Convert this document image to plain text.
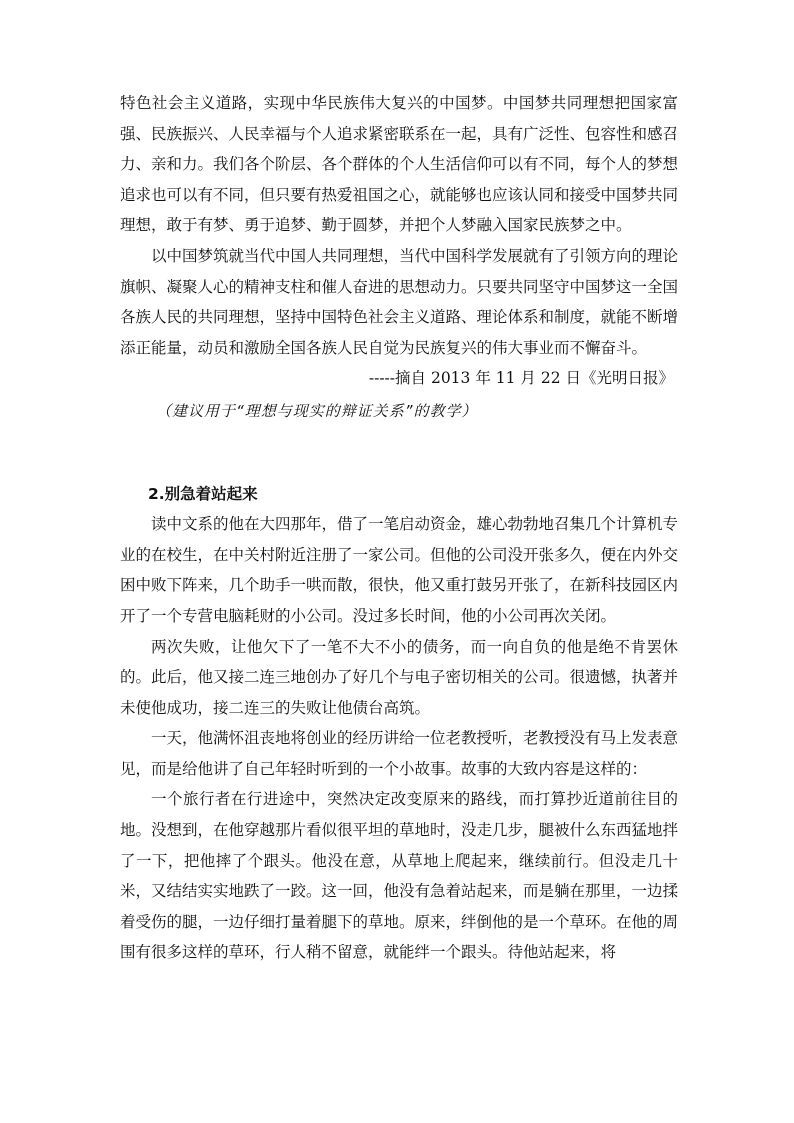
特色社会主义道路，实现中华民族伟大复兴的中国梦。中国梦共同理想把国家富强、民族振兴、人民幸福与个人追求紧密联系在一起，具有广泛性、包容性和感召力、亲和力。我们各个阶层、各个群体的个人生活信仰可以有不同，每个人的梦想追求也可以有不同，但只要有热爱祖国之心，就能够也应该认同和接受中国梦共同理想，敢于有梦、勇于追梦、勤于圆梦，并把个人梦融入国家民族梦之中。

以中国梦筑就当代中国人共同理想，当代中国科学发展就有了引领方向的理论旗帜、凝聚人心的精神支柱和催人奋进的思想动力。只要共同坚守中国梦这一全国各族人民的共同理想，坚持中国特色社会主义道路、理论体系和制度，就能不断增添正能量，动员和激励全国各族人民自觉为民族复兴的伟大事业而不懈奋斗。

-----摘自 2013 年 11 月 22 日《光明日报》

（建议用于“理想与现实的辩证关系”的教学）

2.别急着站起来

读中文系的他在大四那年，借了一笔启动资金，雄心勃勃地召集几个计算机专业的在校生，在中关村附近注册了一家公司。但他的公司没开张多久，便在内外交困中败下阵来，几个助手一哄而散，很快，他又重打鼓另开张了，在新科技园区内开了一个专营电脑耗财的小公司。没过多长时间，他的小公司再次关闭。

两次失败，让他欠下了一笔不大不小的债务，而一向自负的他是绝不肯罢休的。此后，他又接二连三地创办了好几个与电子密切相关的公司。很遗憾，执著并未使他成功，接二连三的失败让他债台高筑。

一天，他满怀沮丧地将创业的经历讲给一位老教授听，老教授没有马上发表意见，而是给他讲了自己年轻时听到的一个小故事。故事的大致内容是这样的：

一个旅行者在行进途中，突然决定改变原来的路线，而打算抄近道前往目的地。没想到，在他穿越那片看似很平坦的草地时，没走几步，腿被什么东西猛地拌了一下，把他摔了个跟头。他没在意，从草地上爬起来，继续前行。但没走几十米，又结结实实地跌了一跤。这一回，他没有急着站起来，而是躺在那里，一边揉着受伤的腿，一边仔细打量着腿下的草地。原来，绊倒他的是一个草环。在他的周围有很多这样的草环，行人稍不留意，就能绊一个跟头。待他站起来，将
